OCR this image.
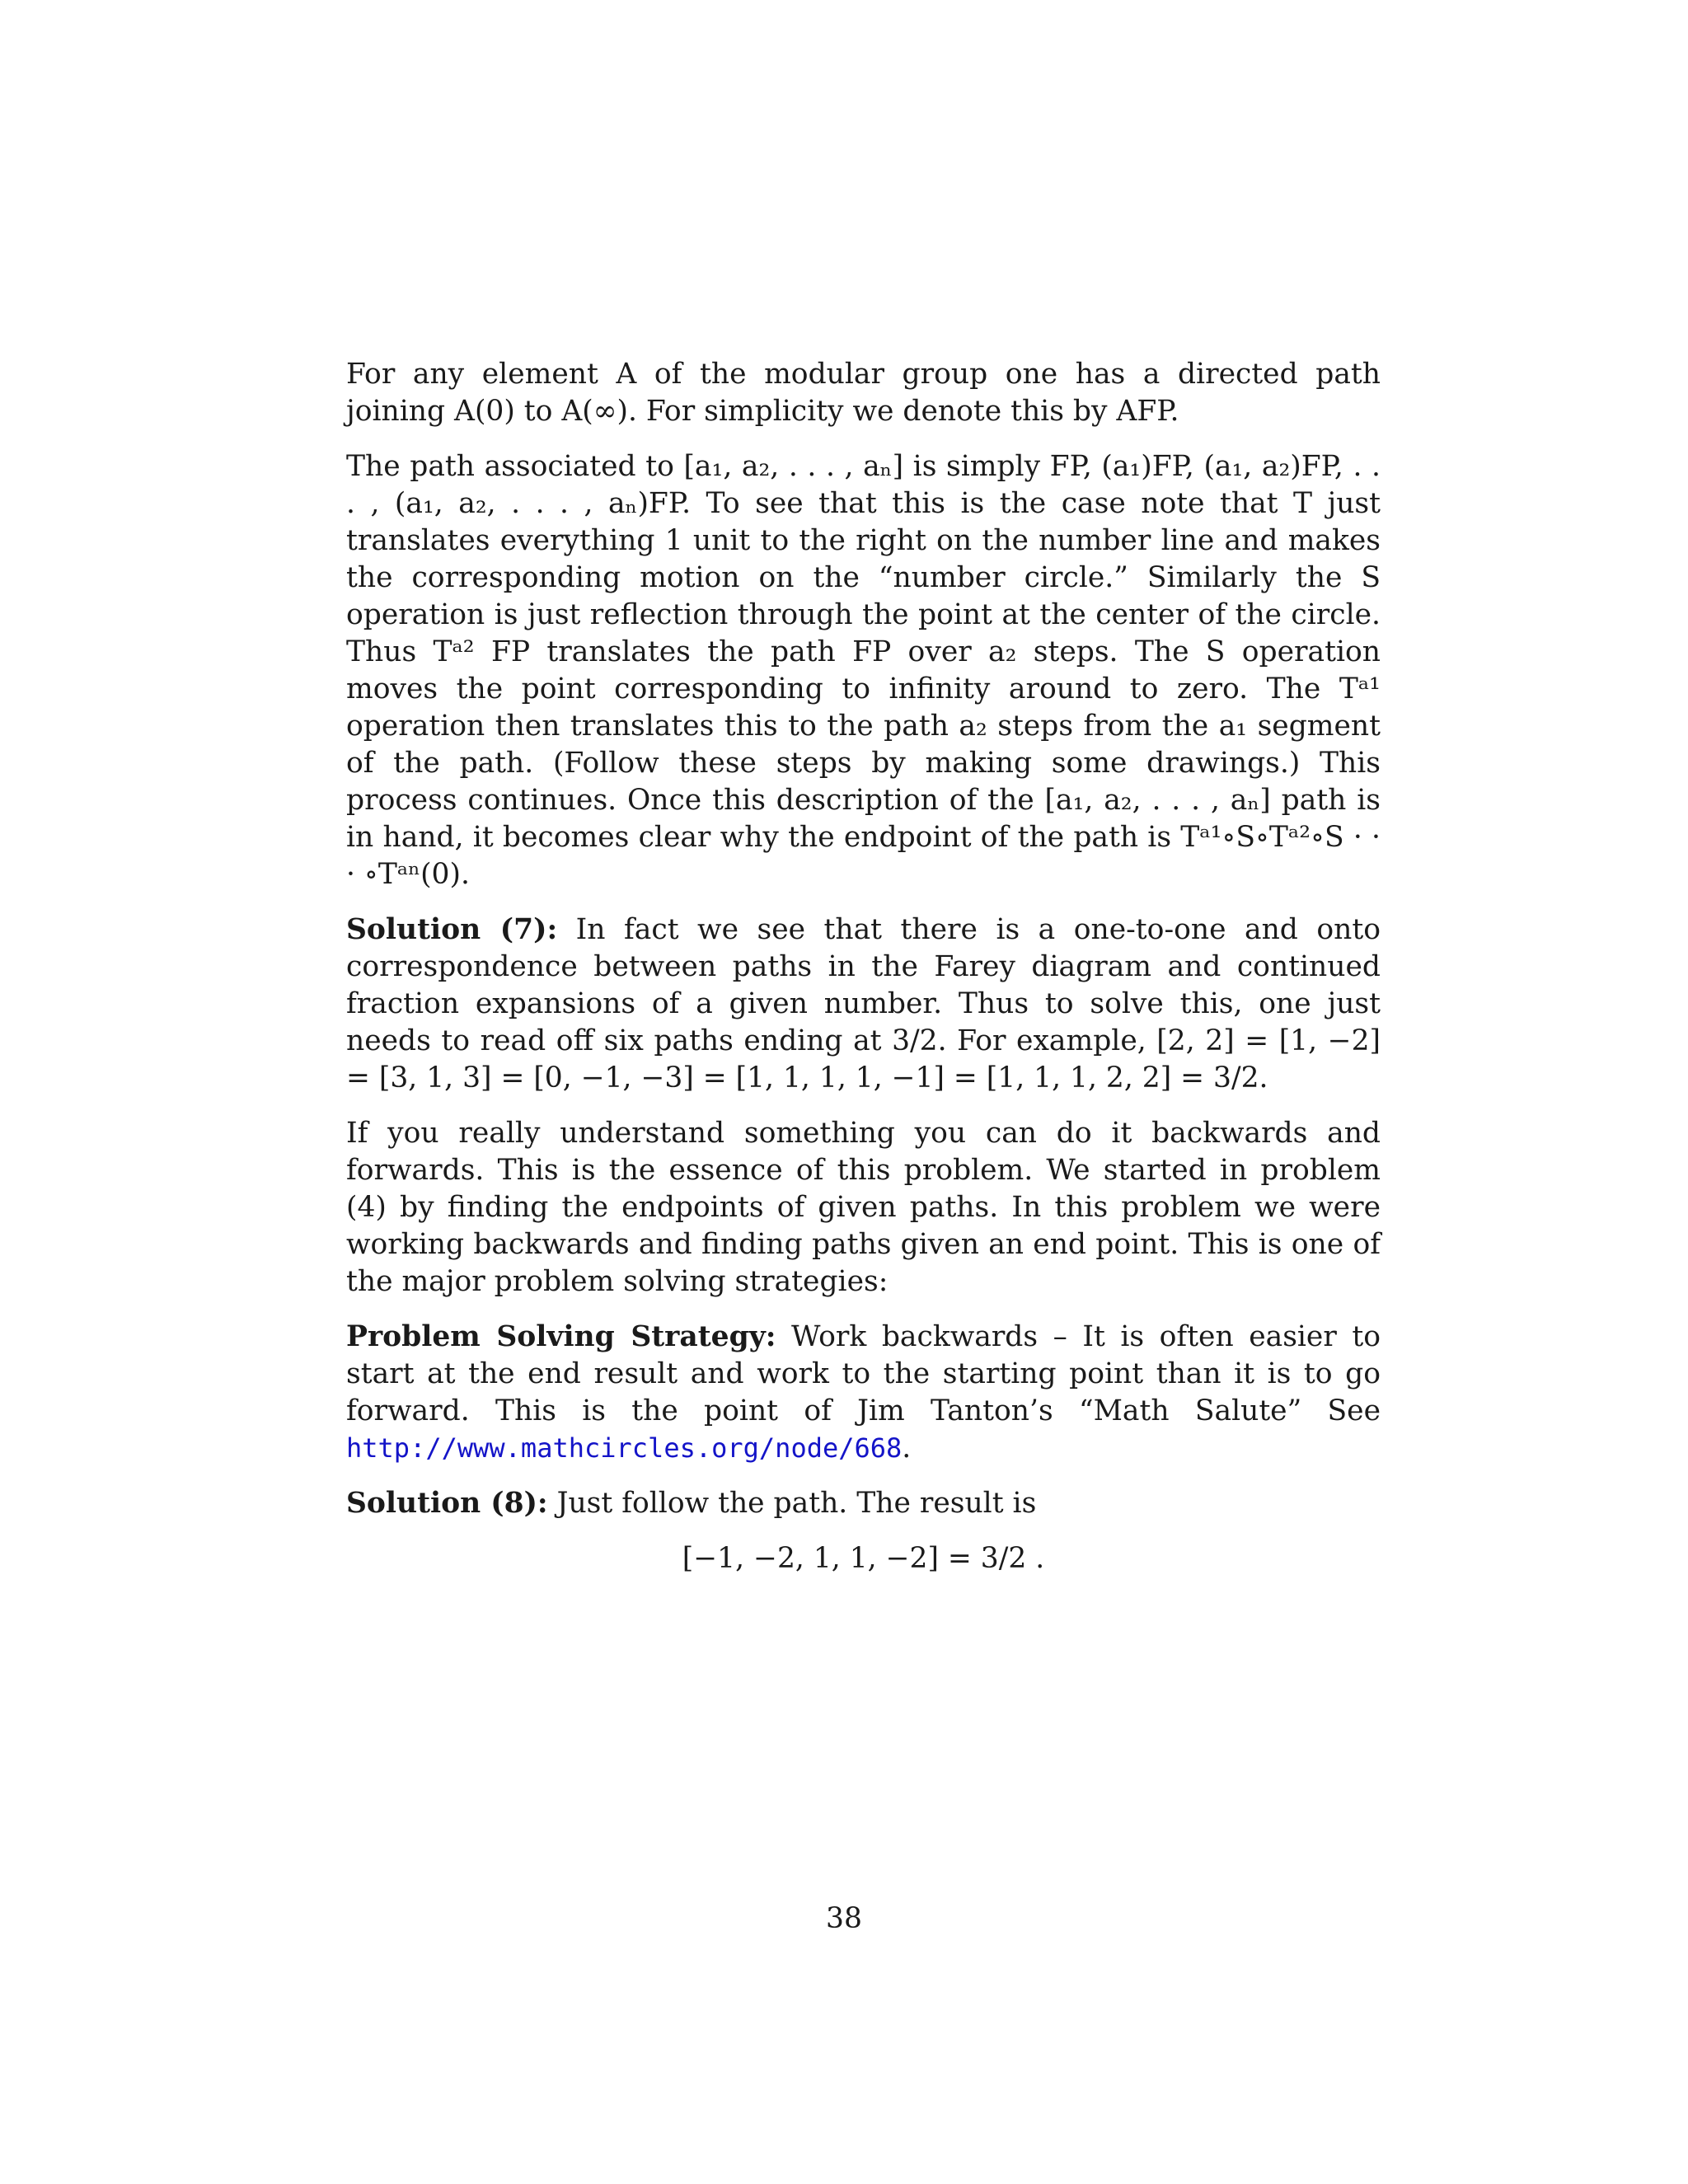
For any element A of the modular group one has a directed path joining A(0) to A(∞). For simplicity we denote this by AFP.

The path associated to [a₁, a₂, . . . , aₙ] is simply FP, (a₁)FP, (a₁, a₂)FP, . . . , (a₁, a₂, . . . , aₙ)FP. To see that this is the case note that T just translates everything 1 unit to the right on the number line and makes the corresponding motion on the “number circle.” Similarly the S operation is just reflection through the point at the center of the circle. Thus Tᵃ² FP translates the path FP over a₂ steps. The S operation moves the point corresponding to infinity around to zero. The Tᵃ¹ operation then translates this to the path a₂ steps from the a₁ segment of the path. (Follow these steps by making some drawings.) This process continues. Once this description of the [a₁, a₂, . . . , aₙ] path is in hand, it becomes clear why the endpoint of the path is Tᵃ¹∘S∘Tᵃ²∘S · · · ∘Tᵃⁿ(0).

Solution (7): In fact we see that there is a one-to-one and onto correspondence between paths in the Farey diagram and continued fraction expansions of a given number. Thus to solve this, one just needs to read off six paths ending at 3/2. For example, [2, 2] = [1, −2] = [3, 1, 3] = [0, −1, −3] = [1, 1, 1, 1, −1] = [1, 1, 1, 2, 2] = 3/2.

If you really understand something you can do it backwards and forwards. This is the essence of this problem. We started in problem (4) by finding the endpoints of given paths. In this problem we were working backwards and finding paths given an end point. This is one of the major problem solving strategies:

Problem Solving Strategy: Work backwards – It is often easier to start at the end result and work to the starting point than it is to go forward. This is the point of Jim Tanton’s “Math Salute” See http://www.mathcircles.org/node/668.

Solution (8): Just follow the path. The result is

[−1, −2, 1, 1, −2] = 3/2 .
38
